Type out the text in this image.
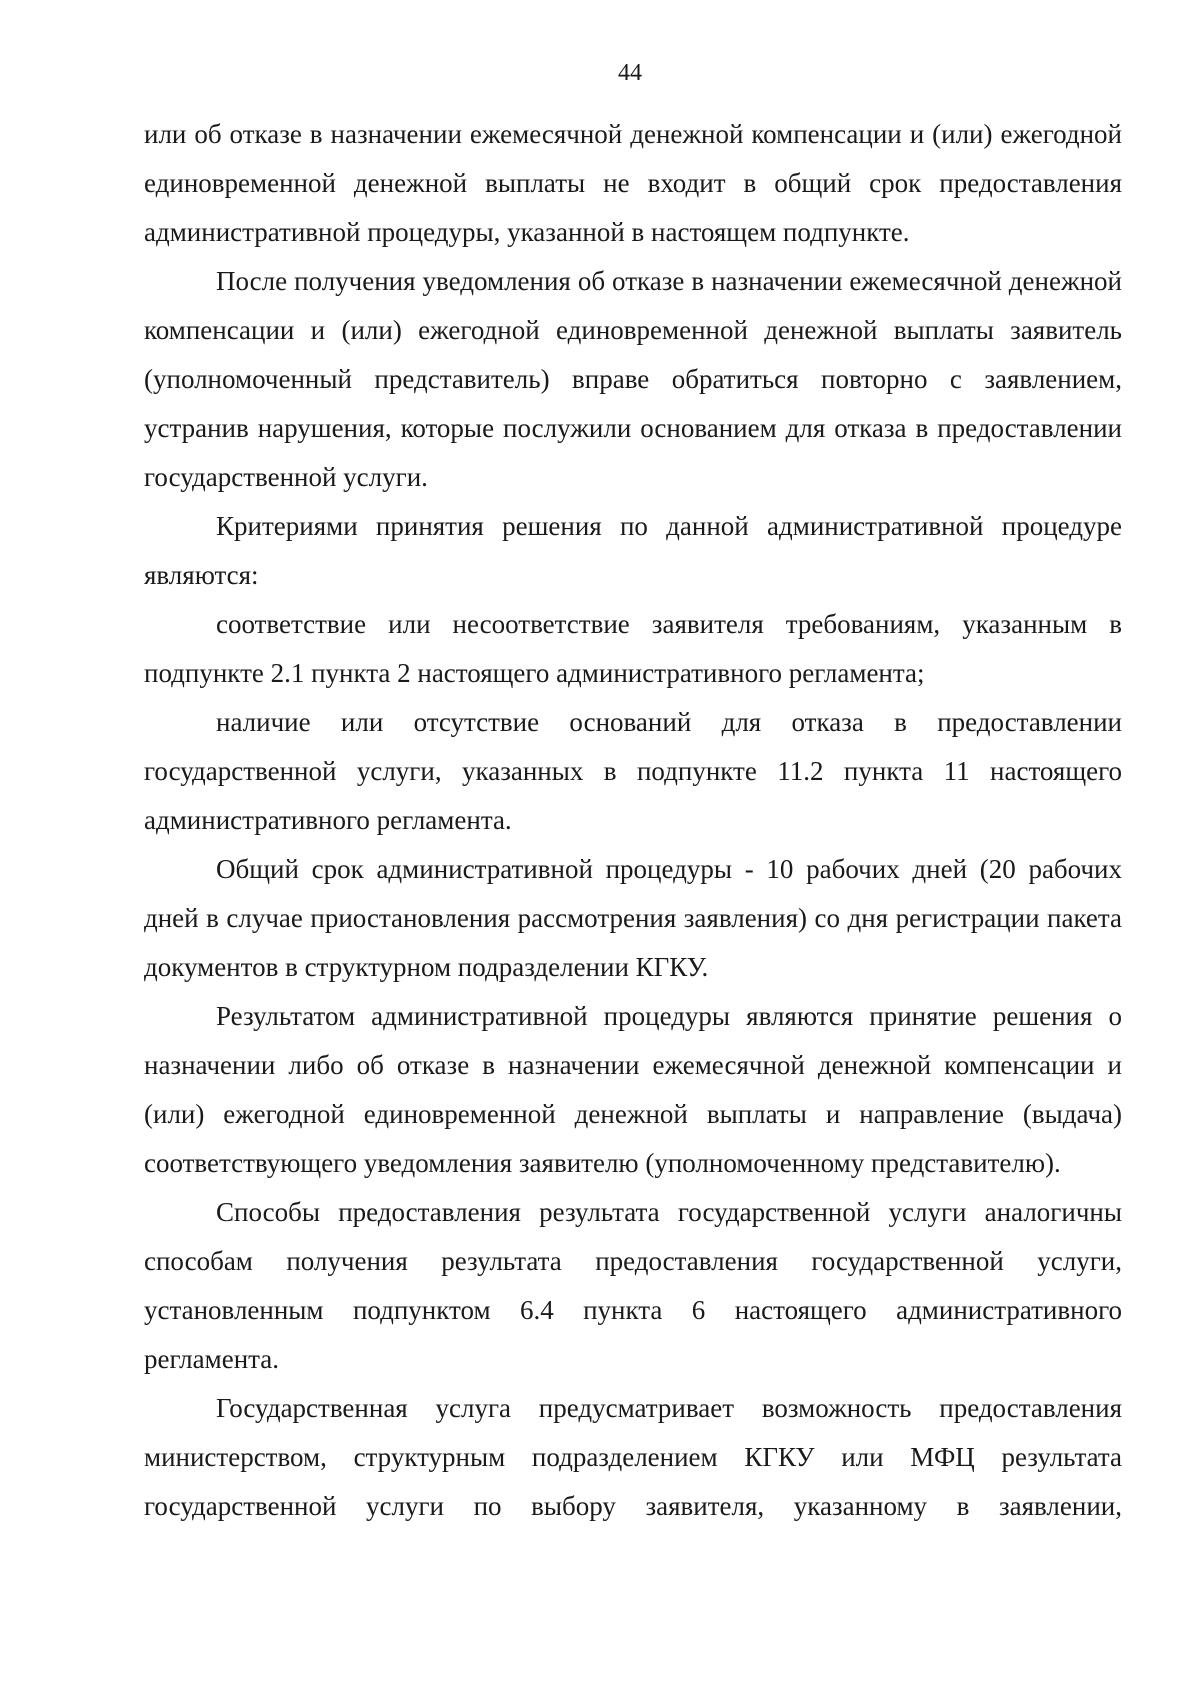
44

или об отказе в назначении ежемесячной денежной компенсации и (или) ежегодной единовременной денежной выплаты не входит в общий срок предоставления административной процедуры, указанной в настоящем подпункте.

После получения уведомления об отказе в назначении ежемесячной денежной компенсации и (или) ежегодной единовременной денежной выплаты заявитель (уполномоченный представитель) вправе обратиться повторно с заявлением, устранив нарушения, которые послужили основанием для отказа в предоставлении государственной услуги.

Критериями принятия решения по данной административной процедуре являются:

соответствие или несоответствие заявителя требованиям, указанным в подпункте 2.1 пункта 2 настоящего административного регламента;

наличие или отсутствие оснований для отказа в предоставлении государственной услуги, указанных в подпункте 11.2 пункта 11 настоящего административного регламента.

Общий срок административной процедуры - 10 рабочих дней (20 рабочих дней в случае приостановления рассмотрения заявления) со дня регистрации пакета документов в структурном подразделении КГКУ.

Результатом административной процедуры являются принятие решения о назначении либо об отказе в назначении ежемесячной денежной компенсации и (или) ежегодной единовременной денежной выплаты и направление (выдача) соответствующего уведомления заявителю (уполномоченному представителю).

Способы предоставления результата государственной услуги аналогичны способам получения результата предоставления государственной услуги, установленным подпунктом 6.4 пункта 6 настоящего административного регламента.

Государственная услуга предусматривает возможность предоставления министерством, структурным подразделением КГКУ или МФЦ результата государственной услуги по выбору заявителя, указанному в заявлении,
